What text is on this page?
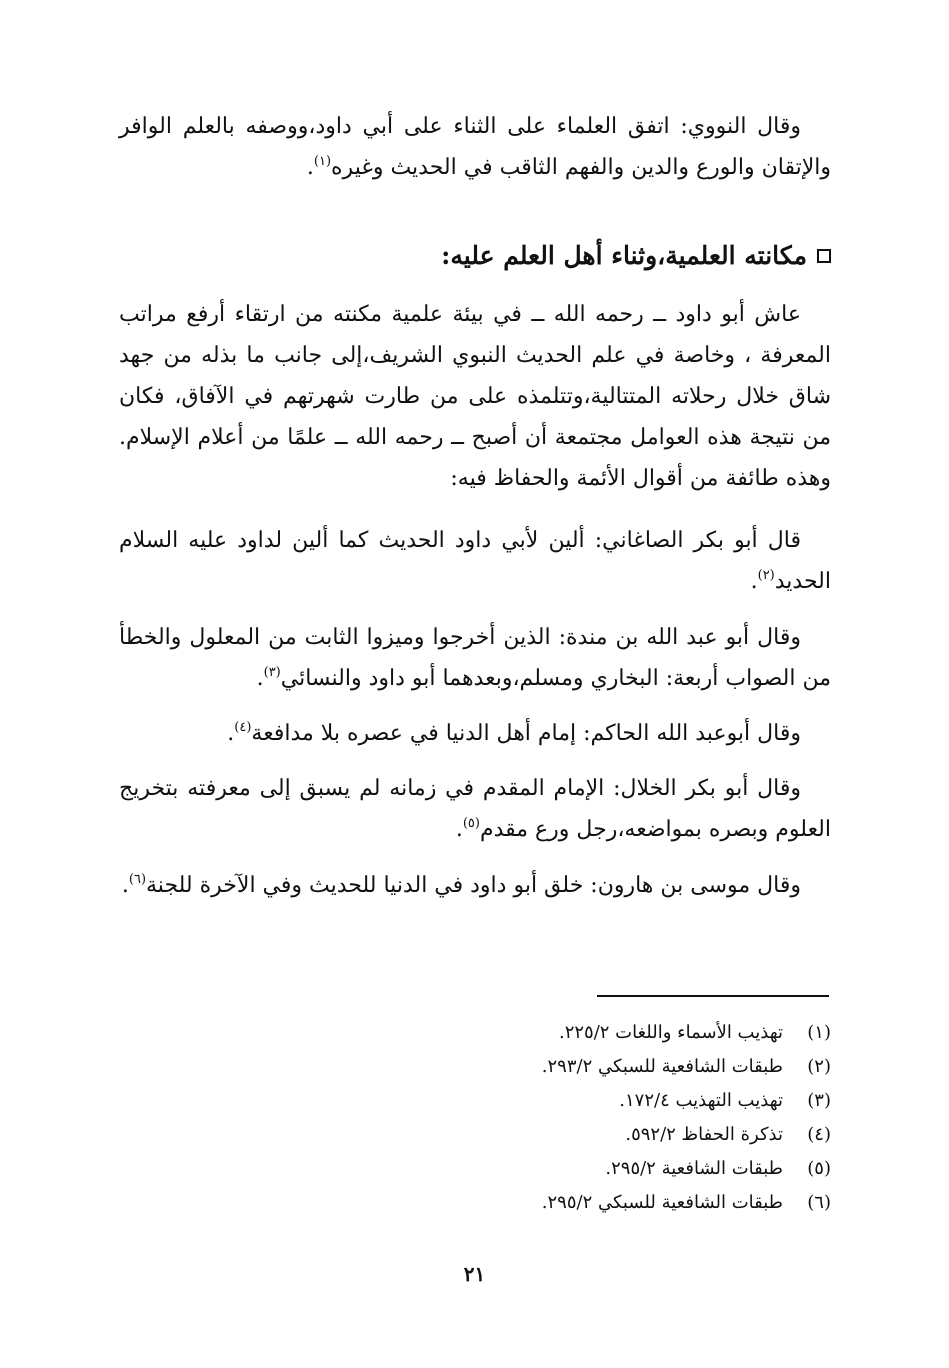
وقال النووي: اتفق العلماء على الثناء على أبي داود،ووصفه بالعلم الوافر والإتقان والورع والدين والفهم الثاقب في الحديث وغيره$^{(١)}$.

مكانته العلمية،وثناء أهل العلم عليه:

عاش أبو داود ــ رحمه الله ــ في بيئة علمية مكنته من ارتقاء أرفع مراتب المعرفة ، وخاصة في علم الحديث النبوي الشريف،إلى جانب ما بذله من جهد شاق خلال رحلاته المتتالية،وتتلمذه على من طارت شهرتهم في الآفاق، فكان من نتيجة هذه العوامل مجتمعة أن أصبح ــ رحمه الله ــ علمًا من أعلام الإسلام. وهذه طائفة من أقوال الأئمة والحفاظ فيه:

قال أبو بكر الصاغاني: ألين لأبي داود الحديث كما ألين لداود عليه السلام الحديد$^{(٢)}$.

وقال أبو عبد الله بن مندة: الذين أخرجوا وميزوا الثابت من المعلول والخطأ من الصواب أربعة: البخاري ومسلم،وبعدهما أبو داود والنسائي$^{(٣)}$.

وقال أبوعبد الله الحاكم: إمام أهل الدنيا في عصره بلا مدافعة$^{(٤)}$.

وقال أبو بكر الخلال: الإمام المقدم في زمانه لم يسبق إلى معرفته بتخريج العلوم وبصره بمواضعه،رجل ورع مقدم$^{(٥)}$.

وقال موسى بن هارون: خلق أبو داود في الدنيا للحديث وفي الآخرة للجنة$^{(٦)}$.

(١)
تهذيب الأسماء واللغات ٢٢٥/٢.
(٢)
طبقات الشافعية للسبكي ٢٩٣/٢.
(٣)
تهذيب التهذيب ١٧٢/٤.
(٤)
تذكرة الحفاظ ٥٩٢/٢.
(٥)
طبقات الشافعية ٢٩٥/٢.
(٦)
طبقات الشافعية للسبكي ٢٩٥/٢.
٢١
